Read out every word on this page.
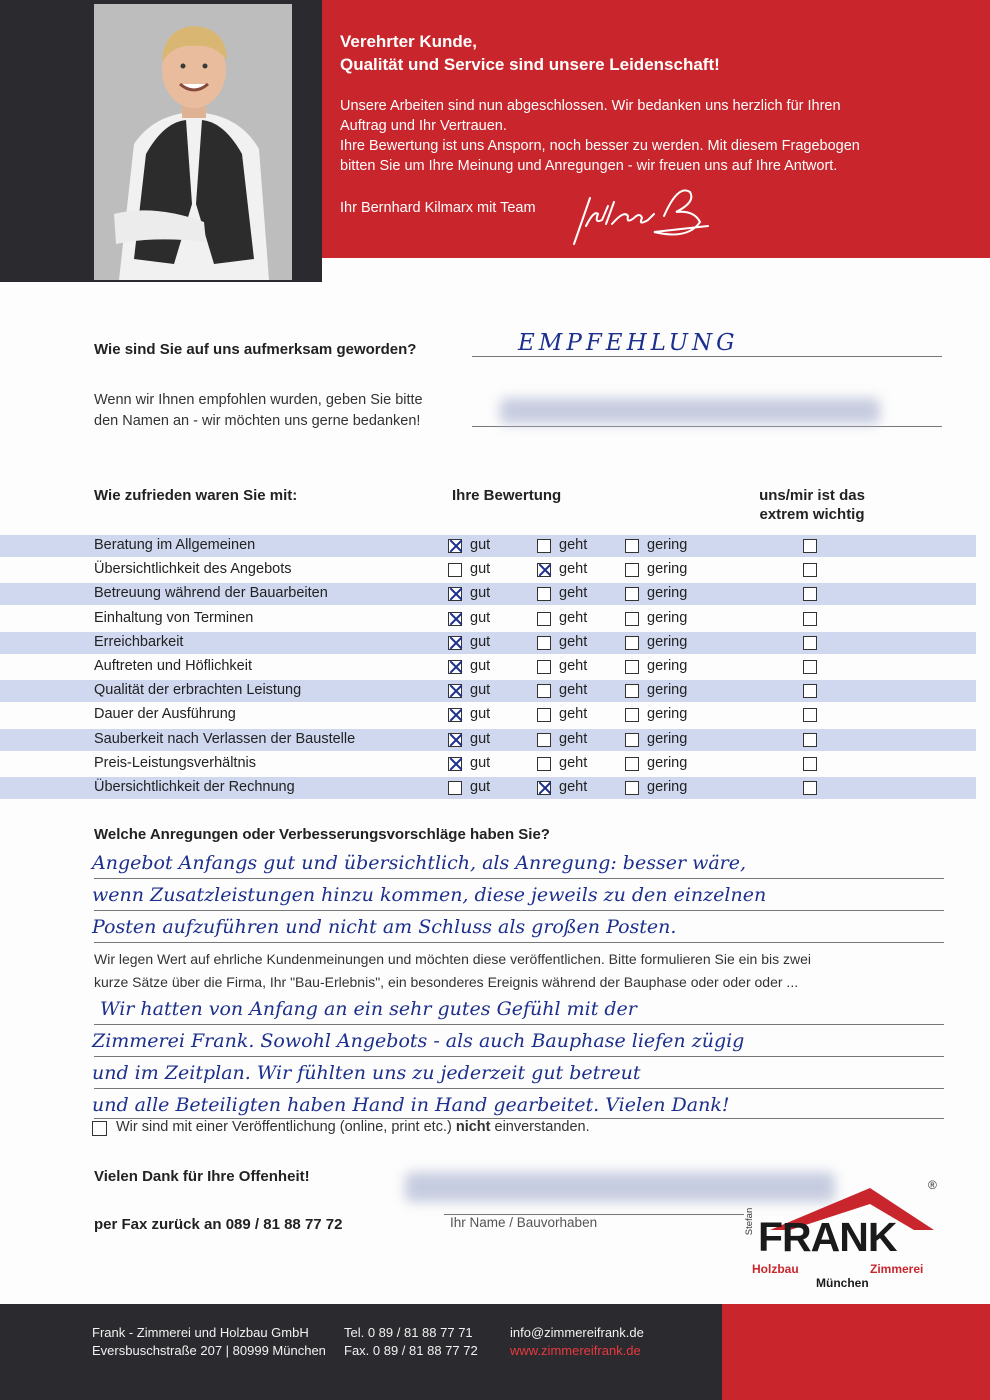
Verehrter Kunde,
Qualität und Service sind unsere Leidenschaft!
Unsere Arbeiten sind nun abgeschlossen. Wir bedanken uns herzlich für Ihren
Auftrag und Ihr Vertrauen.
Ihre Bewertung ist uns Ansporn, noch besser zu werden. Mit diesem Fragebogen
bitten Sie um Ihre Meinung und Anregungen - wir freuen uns auf Ihre Antwort.
Ihr Bernhard Kilmarx mit Team
Wie sind Sie auf uns aufmerksam geworden?	EMPFEHLUNG
Wenn wir Ihnen empfohlen wurden, geben Sie bitte
den Namen an - wir möchten uns gerne bedanken!
Wie zufrieden waren Sie mit:	Ihre Bewertung	uns/mir ist das
extrem wichtig
Beratung im Allgemeinen	gut	geht	gering
Übersichtlichkeit des Angebots	gut	geht	gering
Betreuung während der Bauarbeiten	gut	geht	gering
Einhaltung von Terminen	gut	geht	gering
Erreichbarkeit	gut	geht	gering
Auftreten und Höflichkeit	gut	geht	gering
Qualität der erbrachten Leistung	gut	geht	gering
Dauer der Ausführung	gut	geht	gering
Sauberkeit nach Verlassen der Baustelle	gut	geht	gering
Preis-Leistungsverhältnis	gut	geht	gering
Übersichtlichkeit der Rechnung	gut	geht	gering
Welche Anregungen oder Verbesserungsvorschläge haben Sie?
Angebot Anfangs gut und übersichtlich, als Anregung: besser wäre,
wenn Zusatzleistungen hinzu kommen, diese jeweils zu den einzelnen
Posten aufzuführen und nicht am Schluss als großen Posten.
Wir legen Wert auf ehrliche Kundenmeinungen und möchten diese veröffentlichen. Bitte formulieren Sie ein bis zwei
kurze Sätze über die Firma, Ihr "Bau-Erlebnis", ein besonderes Ereignis während der Bauphase oder oder oder ...
Wir hatten von Anfang an ein sehr gutes Gefühl mit der
Zimmerei Frank. Sowohl Angebots - als auch Bauphase liefen zügig
und im Zeitplan. Wir fühlten uns zu jederzeit gut betreut
und alle Beteiligten haben Hand in Hand gearbeitet. Vielen Dank!
Wir sind mit einer Veröffentlichung (online, print etc.) nicht einverstanden.
Vielen Dank für Ihre Offenheit!
per Fax zurück an 089 / 81 88 77 72	Ihr Name / Bauvorhaben	Stefan FRANK
®
Holzbau	Zimmerei
München
Frank - Zimmerei und Holzbau GmbH
Eversbuschstraße 207 | 80999 München
Tel. 0 89 / 81 88 77 71
Fax. 0 89 / 81 88 77 72
info@zimmereifrank.de
www.zimmereifrank.de
